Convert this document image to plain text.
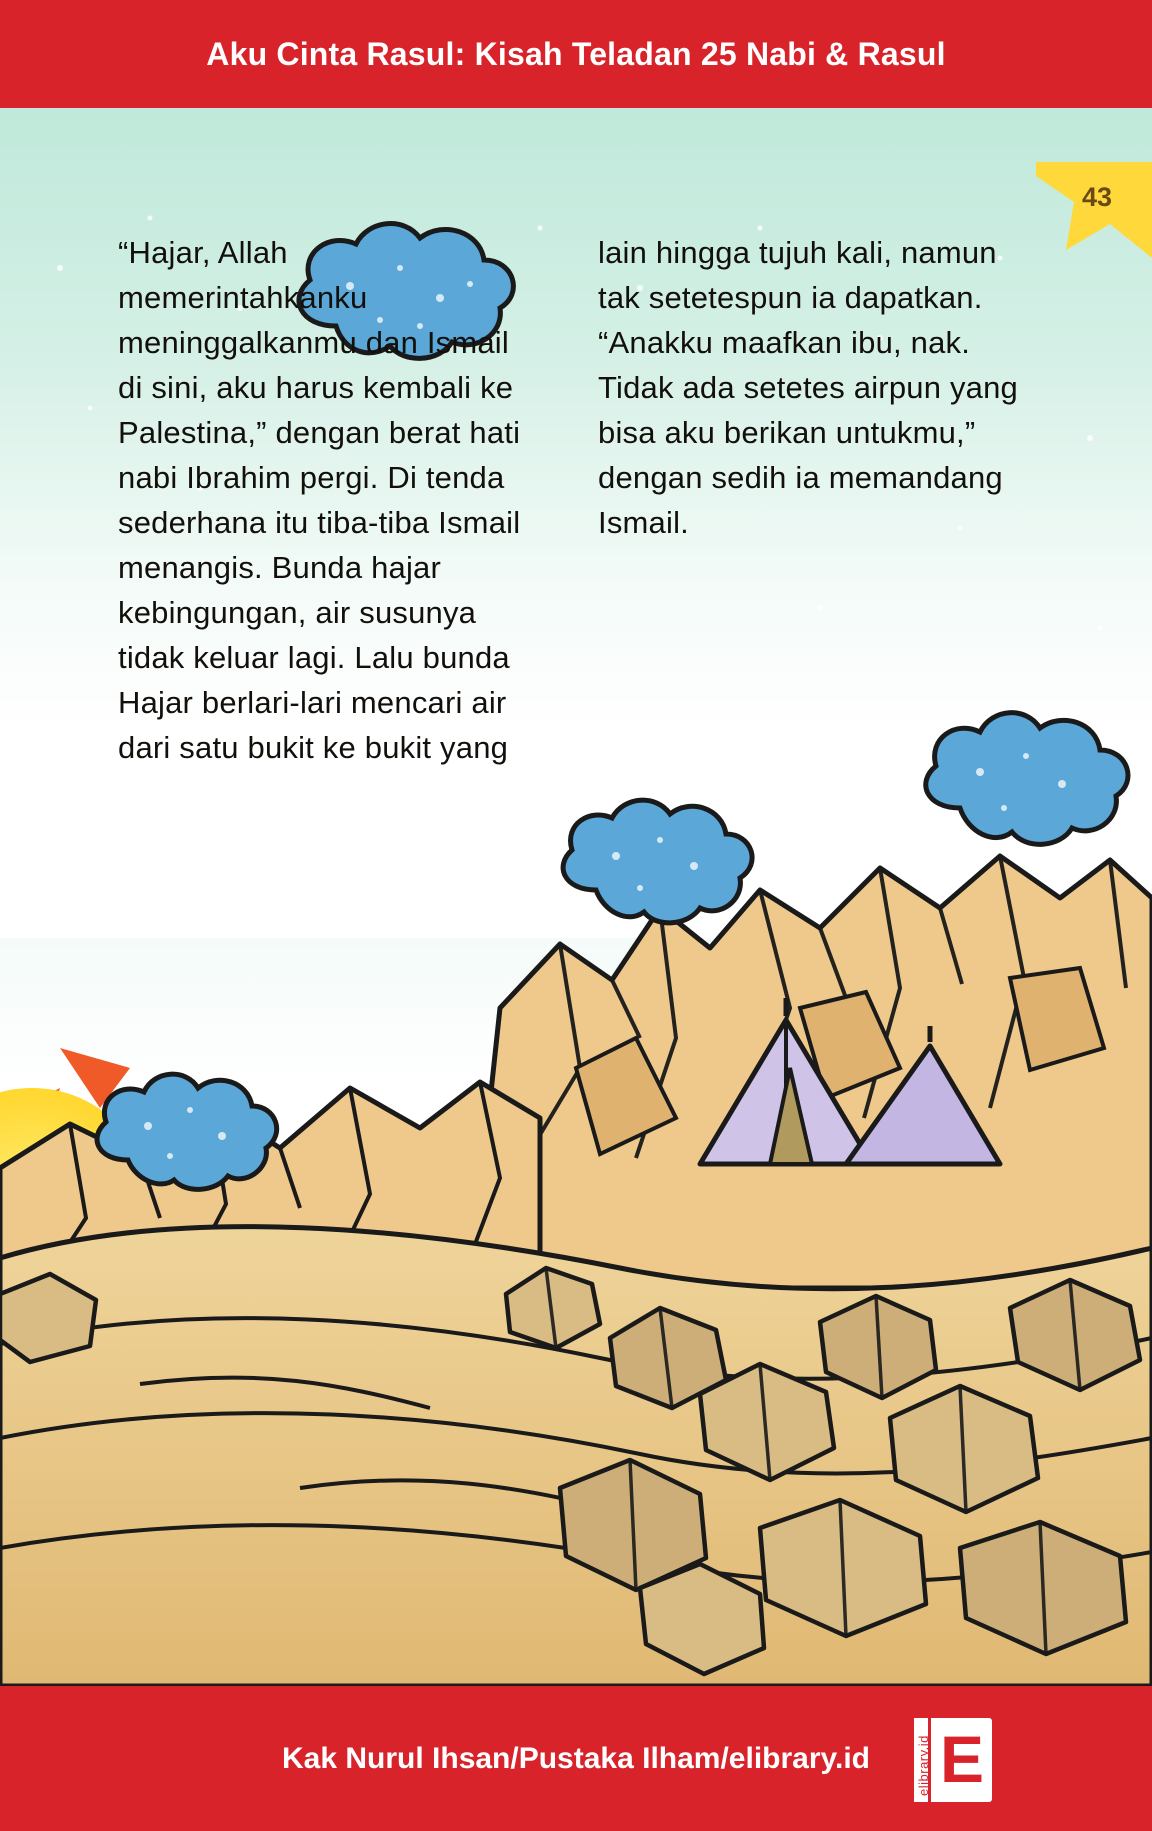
Aku Cinta Rasul: Kisah Teladan 25 Nabi & Rasul
43
“Hajar, Allah memerintahkanku meninggalkanmu dan Ismail di sini, aku harus kembali ke Palestina,” dengan berat hati nabi Ibrahim pergi. Di tenda sederhana itu tiba-tiba Ismail menangis. Bunda hajar kebingungan, air susunya tidak keluar lagi. Lalu bunda Hajar berlari-lari mencari air dari satu bukit ke bukit yang
lain hingga tujuh kali, namun tak setetespun ia dapatkan.
“Anakku maafkan ibu, nak. Tidak ada setetes airpun yang bisa aku berikan untukmu,” dengan sedih ia memandang Ismail.
Kak Nurul Ihsan/Pustaka Ilham/elibrary.id E
elibrary.id
